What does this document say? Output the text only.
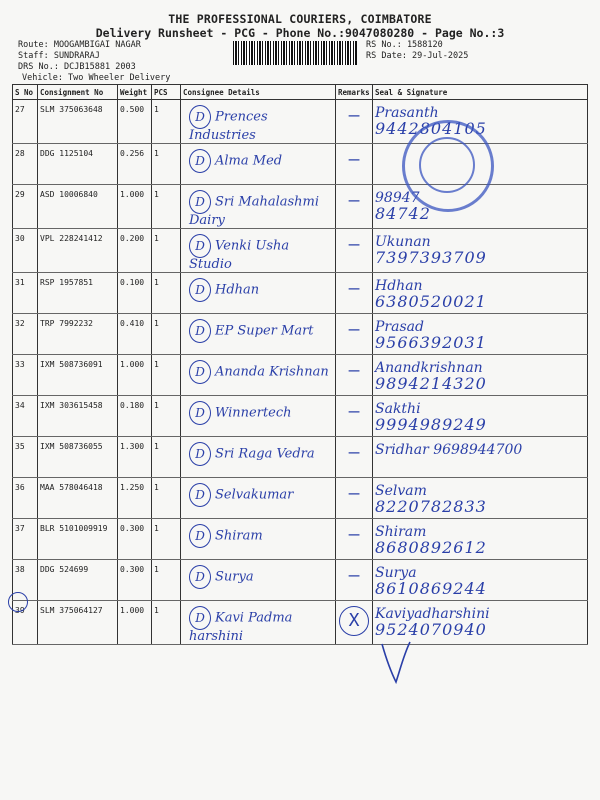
THE PROFESSIONAL COURIERS, COIMBATORE
Delivery Runsheet - PCG - Phone No.:9047080280 - Page No.:3
Route: MOOGAMBIGAI NAGAR
Staff: SUNDRARAJ
DRS No.: DCJB15881 2003
RS No.: 1588120
RS Date: 29-Jul-2025
Vehicle: Two Wheeler Delivery
S No	Consignment No	Weight	PCS	Consignee Details	Remarks	Seal & Signature
27	SLM 375063648	0.500	1	D Prences Industries	—	Prasanth
9442804105

28	DDG 1125104	0.256	1	D Alma Med	—	

29	ASD 10006840	1.000	1	D Sri Mahalashmi Dairy	—	98947
84742

30	VPL 228241412	0.200	1	D Venki Usha Studio	—	Ukunan
7397393709

31	RSP 1957851	0.100	1	D Hdhan	—	Hdhan
6380520021

32	TRP 7992232	0.410	1	D EP Super Mart	—	Prasad
9566392031

33	IXM 508736091	1.000	1	D Ananda Krishnan	—	Anandkrishnan
9894214320

34	IXM 303615458	0.180	1	D Winnertech	—	Sakthi
9994989249

35	IXM 508736055	1.300	1	D Sri Raga Vedra	—	Sridhar 9698944700

36	MAA 578046418	1.250	1	D Selvakumar	—	Selvam
8220782833

37	BLR 5101009919	0.300	1	D Shiram	—	Shiram
8680892612

38	DDG 524699	0.300	1	D Surya	—	Surya
8610869244

39	SLM 375064127	1.000	1	D Kavi Padma harshini	X	Kaviyadharshini
9524070940
